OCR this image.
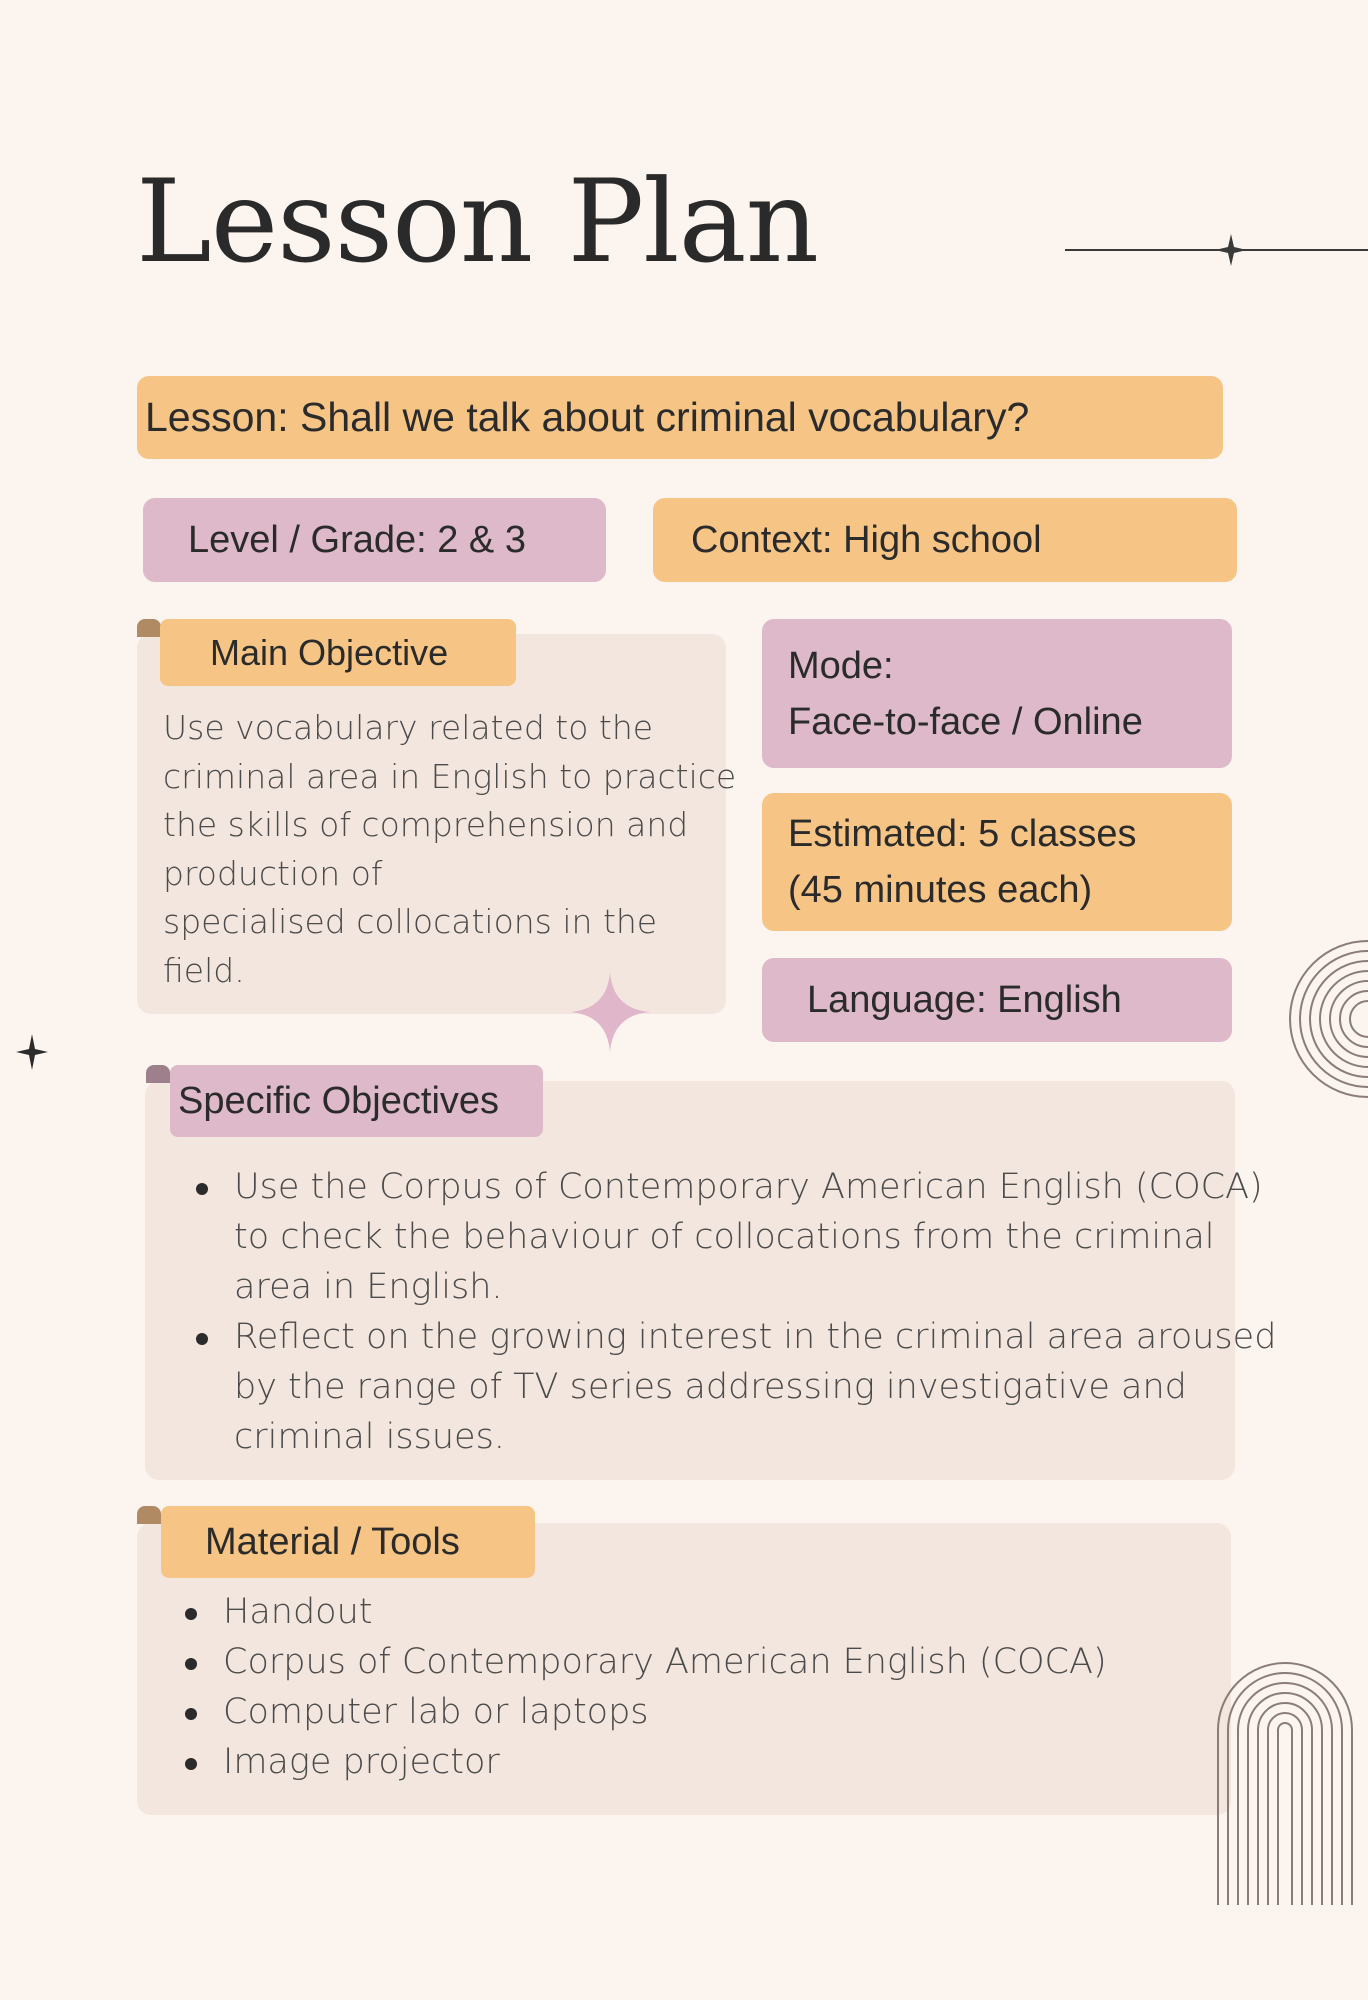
Lesson Plan
Lesson: Shall we talk about criminal vocabulary?
Level / Grade: 2 & 3	Context: High school
Main Objective
Use vocabulary related to the
criminal area in English to practice
the skills of comprehension and
production of
specialised collocations in the
field.
Mode:
Face-to-face / Online
Estimated: 5 classes
(45 minutes each)
Language: English
Specific Objectives
Use the Corpus of Contemporary American English (COCA)
to check the behaviour of collocations from the criminal
area in English.
Reflect on the growing interest in the criminal area aroused
by the range of TV series addressing investigative and
criminal issues.
Material / Tools
Handout
Corpus of Contemporary American English (COCA)
Computer lab or laptops
Image projector
